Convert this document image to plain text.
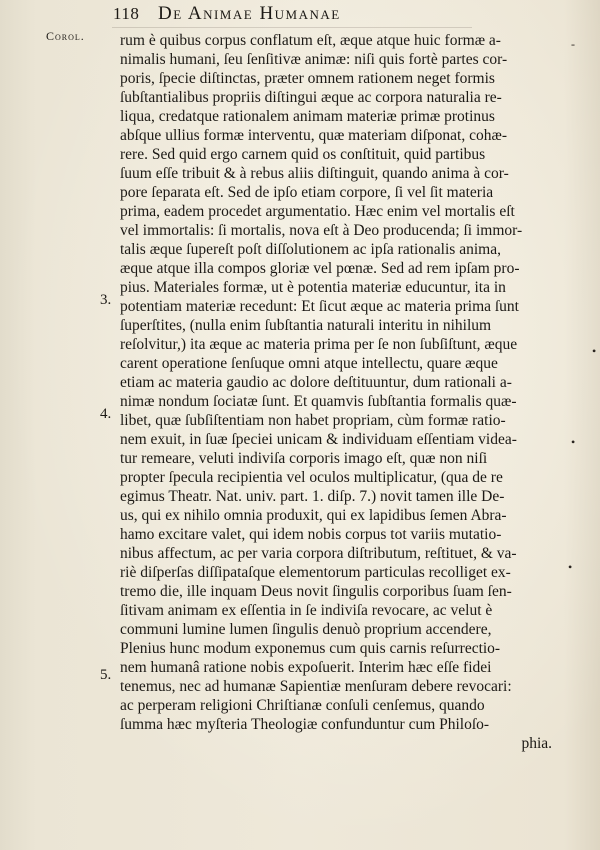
118 De Animae Humanae
Corol.
3.
4.
5.
•
-
•
•
rum è quibus corpus conflatum eſt, æque atque huic formæ a-
nimalis humani, ſeu ſenſitivæ animæ: niſi quis fortè partes cor-
poris, ſpecie diſtinctas, præter omnem rationem neget formis
ſubſtantialibus propriis diſtingui æque ac corpora naturalia re-
liqua, credatque rationalem animam materiæ primæ protinus
abſque ullius formæ interventu, quæ materiam diſponat, cohæ-
rere. Sed quid ergo carnem quid os conſtituit, quid partibus
ſuum eſſe tribuit & à rebus aliis diſtinguit, quando anima à cor-
pore ſeparata eſt. Sed de ipſo etiam corpore, ſi vel ſit materia
prima, eadem procedet argumentatio. Hæc enim vel mortalis eſt
vel immortalis: ſi mortalis, nova eſt à Deo producenda; ſi immor-
talis æque ſupereſt poſt diſſolutionem ac ipſa rationalis anima,
æque atque illa compos gloriæ vel pœnæ. Sed ad rem ipſam pro-
pius. Materiales formæ, ut è potentia materiæ educuntur, ita in
potentiam materiæ recedunt: Et ſicut æque ac materia prima ſunt
ſuperſtites, (nulla enim ſubſtantia naturali interitu in nihilum
reſolvitur,) ita æque ac materia prima per ſe non ſubſiſtunt, æque
carent operatione ſenſuque omni atque intellectu, quare æque
etiam ac materia gaudio ac dolore deſtituuntur, dum rationali a-
nimæ nondum ſociatæ ſunt. Et quamvis ſubſtantia formalis quæ-
libet, quæ ſubſiſtentiam non habet propriam, cùm formæ ratio-
nem exuit, in ſuæ ſpeciei unicam & individuam eſſentiam videa-
tur remeare, veluti indiviſa corporis imago eſt, quæ non niſi
propter ſpecula recipientia vel oculos multiplicatur, (qua de re
egimus Theatr. Nat. univ. part. 1. diſp. 7.) novit tamen ille De-
us, qui ex nihilo omnia produxit, qui ex lapidibus ſemen Abra-
hamo excitare valet, qui idem nobis corpus tot variis mutatio-
nibus affectum, ac per varia corpora diſtributum, reſtituet, & va-
riè diſperſas diſſipataſque elementorum particulas recolliget ex-
tremo die, ille inquam Deus novit ſingulis corporibus ſuam ſen-
ſitivam animam ex eſſentia in ſe indiviſa revocare, ac velut è
communi lumine lumen ſingulis denuò proprium accendere,
Plenius hunc modum exponemus cum quis carnis reſurrectio-
nem humanâ ratione nobis expoſuerit. Interim hæc eſſe fidei
tenemus, nec ad humanæ Sapientiæ menſuram debere revocari:
ac perperam religioni Chriſtianæ conſuli cenſemus, quando
ſumma hæc myſteria Theologiæ confunduntur cum Philoſo-
phia.
